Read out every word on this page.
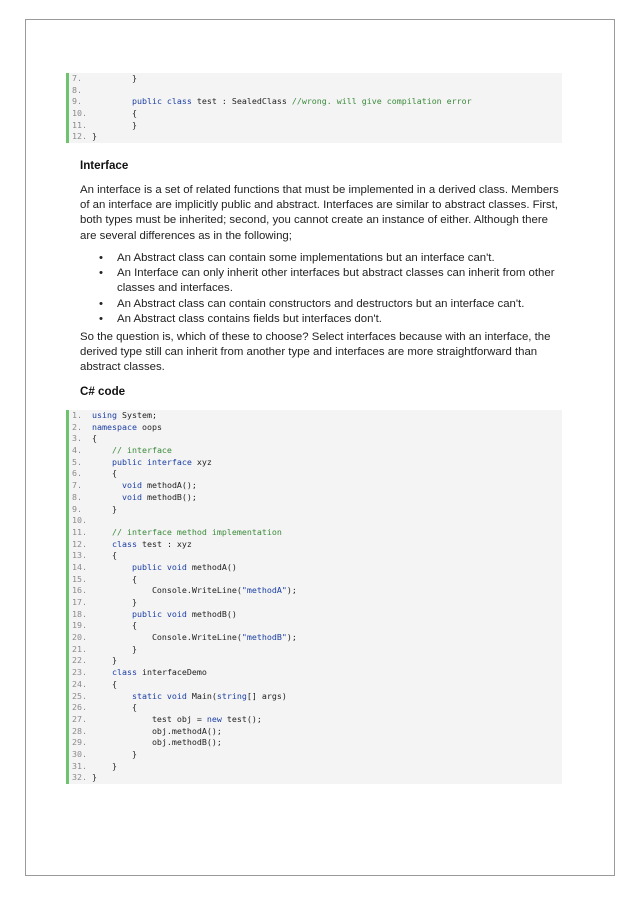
7. }
8.
9.	public class test : SealedClass //wrong. will give compilation error
10. {
11. }
12. }
Interface
An interface is a set of related functions that must be implemented in a derived class. Members of an interface are implicitly public and abstract. Interfaces are similar to abstract classes. First, both types must be inherited; second, you cannot create an instance of either. Although there are several differences as in the following;
• An Abstract class can contain some implementations but an interface can't.
• An Interface can only inherit other interfaces but abstract classes can inherit from other classes and interfaces.
• An Abstract class can contain constructors and destructors but an interface can't.
• An Abstract class contains fields but interfaces don't.
So the question is, which of these to choose? Select interfaces because with an interface, the derived type still can inherit from another type and interfaces are more straightforward than abstract classes.
C# code
1. using System;
2. namespace oops
3. {
4.	// interface
5.	public interface xyz
6. {
7.	void methodA();
8.	void methodB();
9. }
10.
11.	// interface method implementation
12.	class test : xyz
13. {
14.	public void methodA()
15. {
16. Console.WriteLine("methodA");
17. }
18.	public void methodB()
19. {
20. Console.WriteLine("methodB");
21. }
22. }
23.	class interfaceDemo
24. {
25.	static void Main(string[] args)
26. {
27. test obj = new test();
28. obj.methodA();
29. obj.methodB();
30. }
31. }
32. }
